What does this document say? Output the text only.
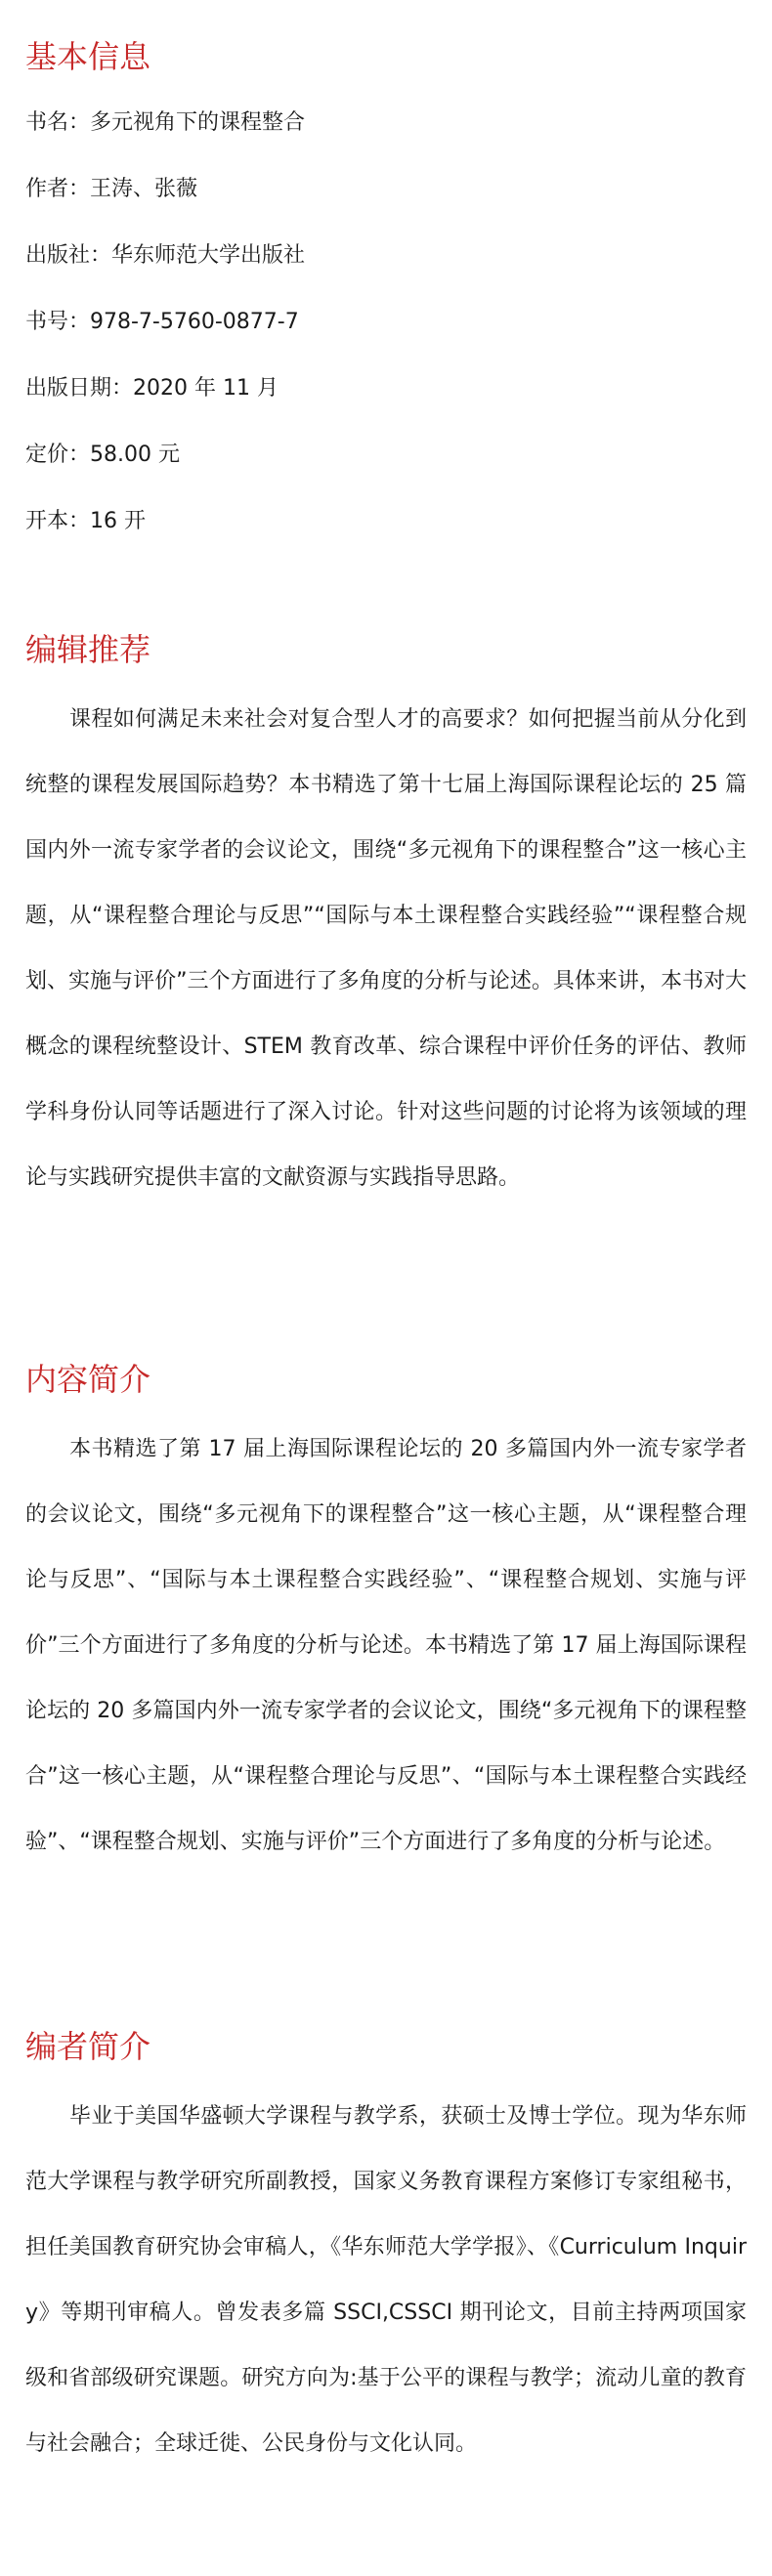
基本信息
书名：多元视角下的课程整合
作者：王涛、张薇
出版社：华东师范大学出版社
书号：978-7-5760-0877-7
出版日期：2020 年 11 月
定价：58.00 元
开本：16 开
编辑推荐

课程如何满足未来社会对复合型人才的高要求？如何把握当前从分化到统整的课程发展国际趋势？本书精选了第十七届上海国际课程论坛的 25 篇国内外一流专家学者的会议论文，围绕“多元视角下的课程整合”这一核心主题，从“课程整合理论与反思”“国际与本土课程整合实践经验”“课程整合规划、实施与评价”三个方面进行了多角度的分析与论述。具体来讲，本书对大概念的课程统整设计、STEM 教育改革、综合课程中评价任务的评估、教师学科身份认同等话题进行了深入讨论。针对这些问题的讨论将为该领域的理论与实践研究提供丰富的文献资源与实践指导思路。

内容简介

本书精选了第 17 届上海国际课程论坛的 20 多篇国内外一流专家学者的会议论文，围绕“多元视角下的课程整合”这一核心主题，从“课程整合理论与反思”、“国际与本土课程整合实践经验”、“课程整合规划、实施与评价”三个方面进行了多角度的分析与论述。本书精选了第 17 届上海国际课程论坛的 20 多篇国内外一流专家学者的会议论文，围绕“多元视角下的课程整合”这一核心主题，从“课程整合理论与反思”、“国际与本土课程整合实践经验”、“课程整合规划、实施与评价”三个方面进行了多角度的分析与论述。

编者简介

毕业于美国华盛顿大学课程与教学系，获硕士及博士学位。现为华东师范大学课程与教学研究所副教授，国家义务教育课程方案修订专家组秘书，担任美国教育研究协会审稿人，《华东师范大学学报》、《Curriculum Inquiry》等期刊审稿人。曾发表多篇 SSCI,CSSCI 期刊论文，目前主持两项国家级和省部级研究课题。研究方向为:基于公平的课程与教学；流动儿童的教育与社会融合；全球迁徙、公民身份与文化认同。
